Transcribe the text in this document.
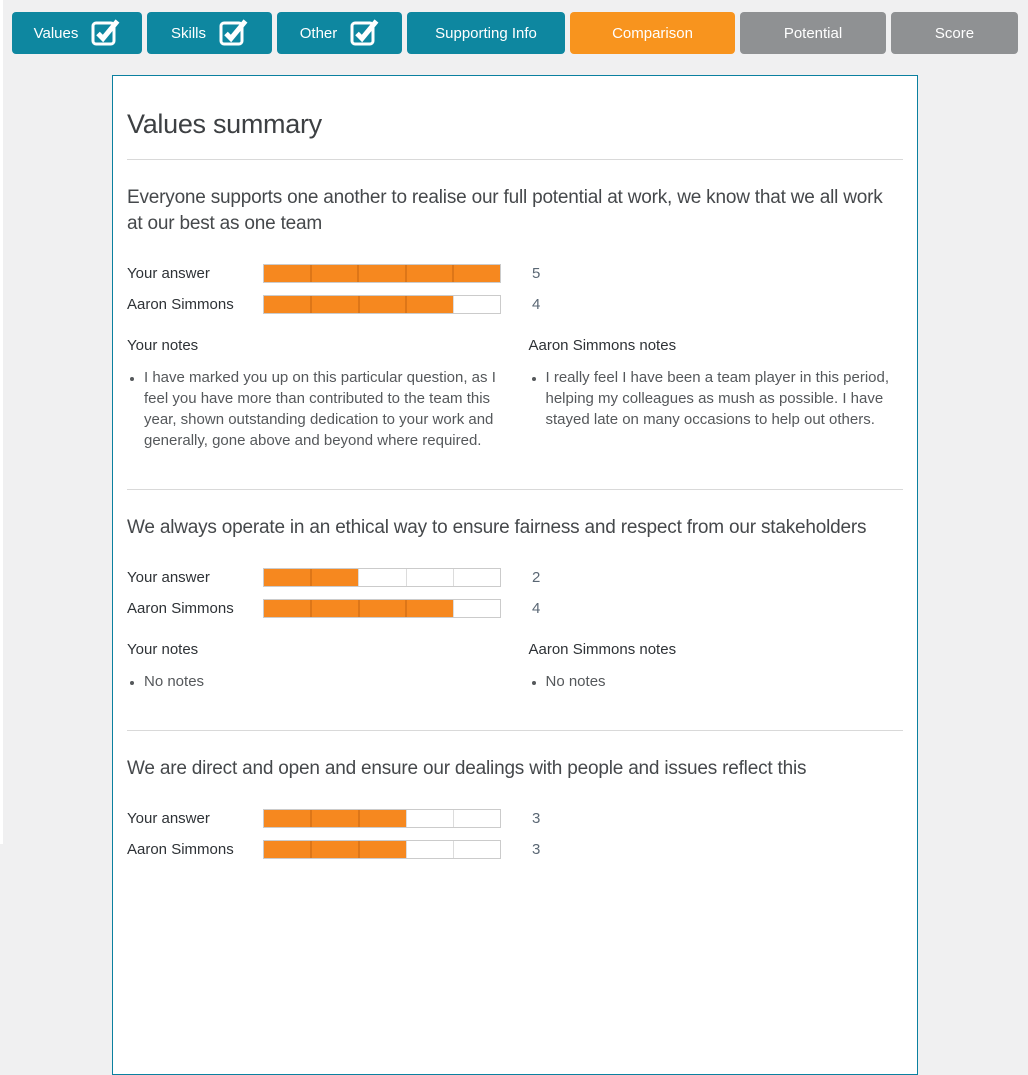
Values	Skills	Other	Supporting Info	Comparison	Potential	Score
Values summary
Everyone supports one another to realise our full potential at work, we know that we all work at our best as one team
Your answer	5
Aaron Simmons	4
Your notes
• I have marked you up on this particular question, as I feel you have more than contributed to the team this year, shown outstanding dedication to your work and generally, gone above and beyond where required.
Aaron Simmons notes
• I really feel I have been a team player in this period, helping my colleagues as mush as possible. I have stayed late on many occasions to help out others.
We always operate in an ethical way to ensure fairness and respect from our stakeholders
Your answer	2
Aaron Simmons	4
Your notes
• No notes
Aaron Simmons notes
• No notes
We are direct and open and ensure our dealings with people and issues reflect this
Your answer	3
Aaron Simmons	3
